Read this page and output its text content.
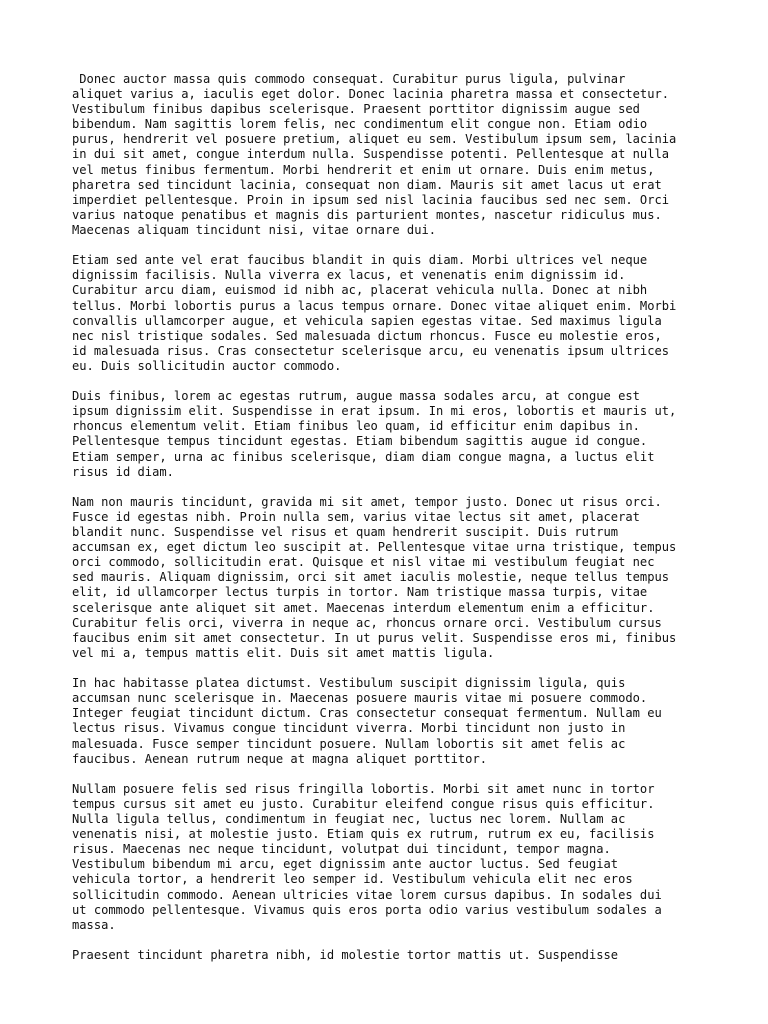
Donec auctor massa quis commodo consequat. Curabitur purus ligula, pulvinar
aliquet varius a, iaculis eget dolor. Donec lacinia pharetra massa et consectetur.
Vestibulum finibus dapibus scelerisque. Praesent porttitor dignissim augue sed
bibendum. Nam sagittis lorem felis, nec condimentum elit congue non. Etiam odio
purus, hendrerit vel posuere pretium, aliquet eu sem. Vestibulum ipsum sem, lacinia
in dui sit amet, congue interdum nulla. Suspendisse potenti. Pellentesque at nulla
vel metus finibus fermentum. Morbi hendrerit et enim ut ornare. Duis enim metus,
pharetra sed tincidunt lacinia, consequat non diam. Mauris sit amet lacus ut erat
imperdiet pellentesque. Proin in ipsum sed nisl lacinia faucibus sed nec sem. Orci
varius natoque penatibus et magnis dis parturient montes, nascetur ridiculus mus.
Maecenas aliquam tincidunt nisi, vitae ornare dui.

Etiam sed ante vel erat faucibus blandit in quis diam. Morbi ultrices vel neque
dignissim facilisis. Nulla viverra ex lacus, et venenatis enim dignissim id.
Curabitur arcu diam, euismod id nibh ac, placerat vehicula nulla. Donec at nibh
tellus. Morbi lobortis purus a lacus tempus ornare. Donec vitae aliquet enim. Morbi
convallis ullamcorper augue, et vehicula sapien egestas vitae. Sed maximus ligula
nec nisl tristique sodales. Sed malesuada dictum rhoncus. Fusce eu molestie eros,
id malesuada risus. Cras consectetur scelerisque arcu, eu venenatis ipsum ultrices
eu. Duis sollicitudin auctor commodo.

Duis finibus, lorem ac egestas rutrum, augue massa sodales arcu, at congue est
ipsum dignissim elit. Suspendisse in erat ipsum. In mi eros, lobortis et mauris ut,
rhoncus elementum velit. Etiam finibus leo quam, id efficitur enim dapibus in.
Pellentesque tempus tincidunt egestas. Etiam bibendum sagittis augue id congue.
Etiam semper, urna ac finibus scelerisque, diam diam congue magna, a luctus elit
risus id diam.

Nam non mauris tincidunt, gravida mi sit amet, tempor justo. Donec ut risus orci.
Fusce id egestas nibh. Proin nulla sem, varius vitae lectus sit amet, placerat
blandit nunc. Suspendisse vel risus et quam hendrerit suscipit. Duis rutrum
accumsan ex, eget dictum leo suscipit at. Pellentesque vitae urna tristique, tempus
orci commodo, sollicitudin erat. Quisque et nisl vitae mi vestibulum feugiat nec
sed mauris. Aliquam dignissim, orci sit amet iaculis molestie, neque tellus tempus
elit, id ullamcorper lectus turpis in tortor. Nam tristique massa turpis, vitae
scelerisque ante aliquet sit amet. Maecenas interdum elementum enim a efficitur.
Curabitur felis orci, viverra in neque ac, rhoncus ornare orci. Vestibulum cursus
faucibus enim sit amet consectetur. In ut purus velit. Suspendisse eros mi, finibus
vel mi a, tempus mattis elit. Duis sit amet mattis ligula.

In hac habitasse platea dictumst. Vestibulum suscipit dignissim ligula, quis
accumsan nunc scelerisque in. Maecenas posuere mauris vitae mi posuere commodo.
Integer feugiat tincidunt dictum. Cras consectetur consequat fermentum. Nullam eu
lectus risus. Vivamus congue tincidunt viverra. Morbi tincidunt non justo in
malesuada. Fusce semper tincidunt posuere. Nullam lobortis sit amet felis ac
faucibus. Aenean rutrum neque at magna aliquet porttitor.

Nullam posuere felis sed risus fringilla lobortis. Morbi sit amet nunc in tortor
tempus cursus sit amet eu justo. Curabitur eleifend congue risus quis efficitur.
Nulla ligula tellus, condimentum in feugiat nec, luctus nec lorem. Nullam ac
venenatis nisi, at molestie justo. Etiam quis ex rutrum, rutrum ex eu, facilisis
risus. Maecenas nec neque tincidunt, volutpat dui tincidunt, tempor magna.
Vestibulum bibendum mi arcu, eget dignissim ante auctor luctus. Sed feugiat
vehicula tortor, a hendrerit leo semper id. Vestibulum vehicula elit nec eros
sollicitudin commodo. Aenean ultricies vitae lorem cursus dapibus. In sodales dui
ut commodo pellentesque. Vivamus quis eros porta odio varius vestibulum sodales a
massa.

Praesent tincidunt pharetra nibh, id molestie tortor mattis ut. Suspendisse
